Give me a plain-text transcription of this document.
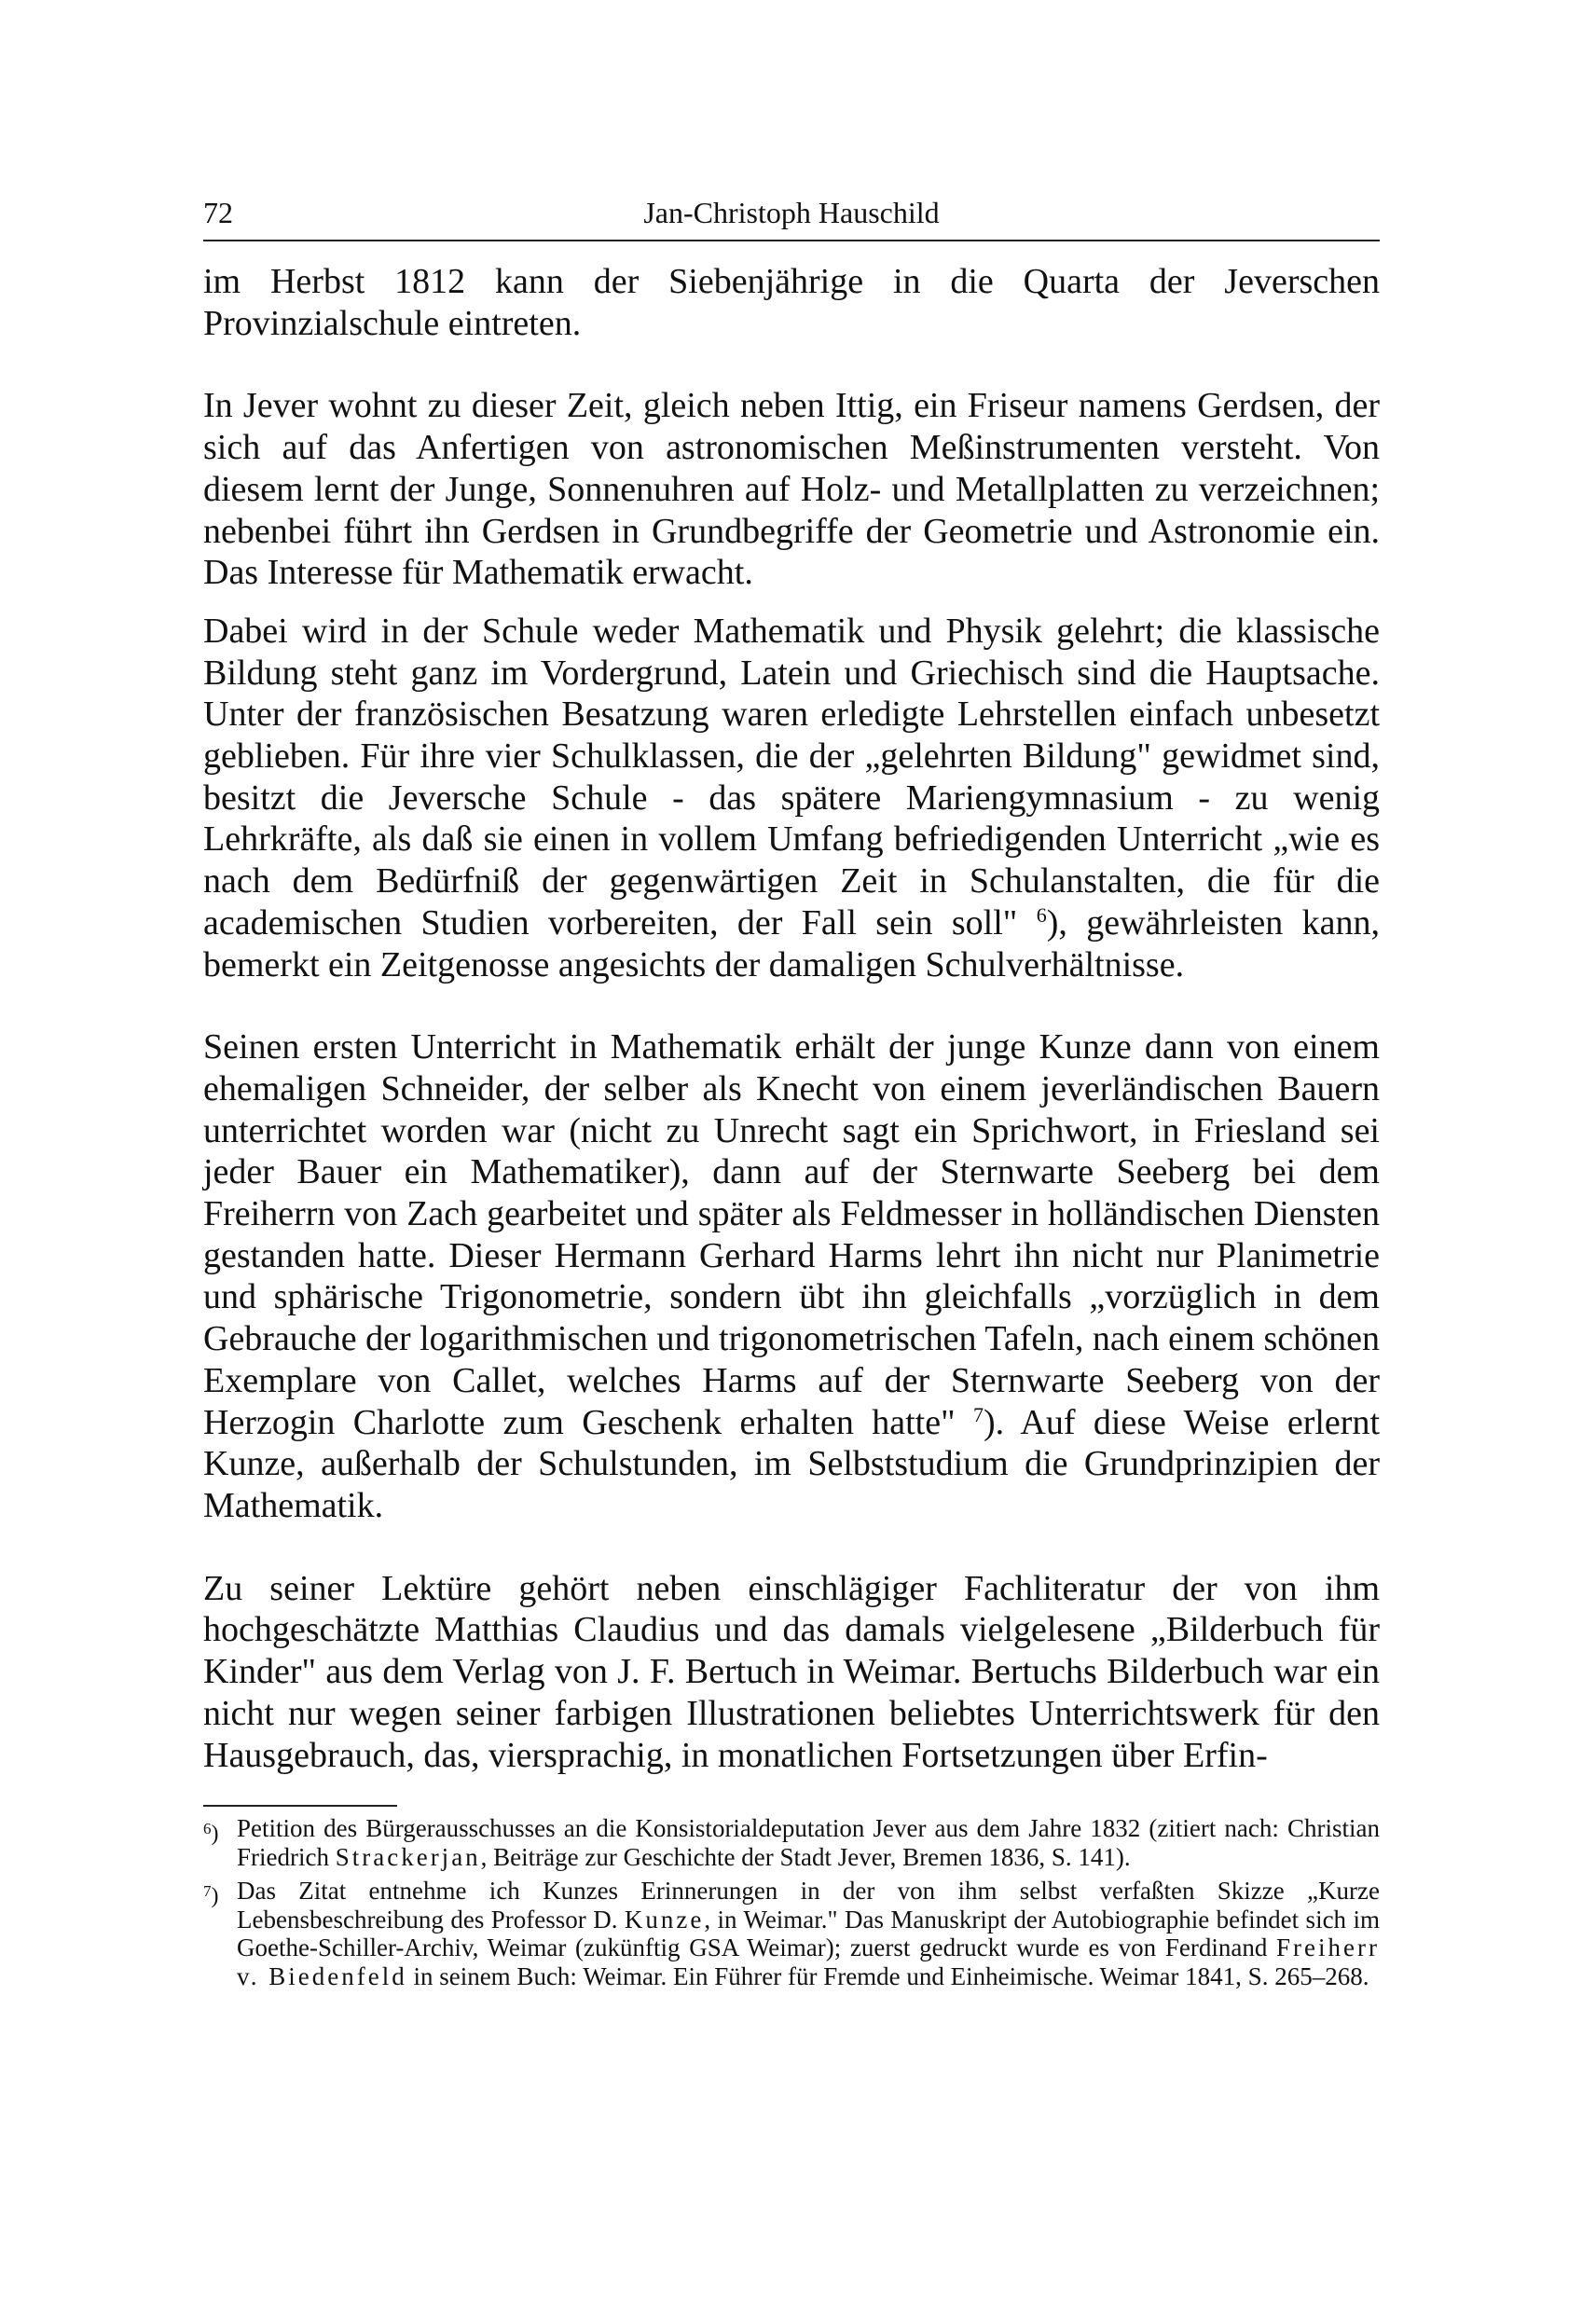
72	Jan-Christoph Hauschild

im Herbst 1812 kann der Siebenjährige in die Quarta der Jeverschen Provinzialschule eintreten.

In Jever wohnt zu dieser Zeit, gleich neben Ittig, ein Friseur namens Gerdsen, der sich auf das Anfertigen von astronomischen Meßinstrumenten versteht. Von diesem lernt der Junge, Sonnenuhren auf Holz- und Metallplatten zu verzeichnen; nebenbei führt ihn Gerdsen in Grundbegriffe der Geometrie und Astronomie ein. Das Interesse für Mathematik erwacht.

Dabei wird in der Schule weder Mathematik und Physik gelehrt; die klassische Bildung steht ganz im Vordergrund, Latein und Griechisch sind die Hauptsache. Unter der französischen Besatzung waren erledigte Lehrstellen einfach unbesetzt geblieben. Für ihre vier Schulklassen, die der „gelehrten Bildung" gewidmet sind, besitzt die Jeversche Schule - das spätere Mariengymnasium - zu wenig Lehrkräfte, als daß sie einen in vollem Umfang befriedigenden Unterricht „wie es nach dem Bedürfniß der gegenwärtigen Zeit in Schulanstalten, die für die academischen Studien vorbereiten, der Fall sein soll" $^6$), gewährleisten kann, bemerkt ein Zeitgenosse angesichts der damaligen Schulverhältnisse.

Seinen ersten Unterricht in Mathematik erhält der junge Kunze dann von einem ehemaligen Schneider, der selber als Knecht von einem jeverländischen Bauern unterrichtet worden war (nicht zu Unrecht sagt ein Sprichwort, in Friesland sei jeder Bauer ein Mathematiker), dann auf der Sternwarte Seeberg bei dem Freiherrn von Zach gearbeitet und später als Feldmesser in holländischen Diensten gestanden hatte. Dieser Hermann Gerhard Harms lehrt ihn nicht nur Planimetrie und sphärische Trigonometrie, sondern übt ihn gleichfalls „vorzüglich in dem Gebrauche der logarithmischen und trigonometrischen Tafeln, nach einem schönen Exemplare von Callet, welches Harms auf der Sternwarte Seeberg von der Herzogin Charlotte zum Geschenk erhalten hatte" $^7$). Auf diese Weise erlernt Kunze, außerhalb der Schulstunden, im Selbststudium die Grundprinzipien der Mathematik.

Zu seiner Lektüre gehört neben einschlägiger Fachliteratur der von ihm hochgeschätzte Matthias Claudius und das damals vielgelesene „Bilderbuch für Kinder" aus dem Verlag von J. F. Bertuch in Weimar. Bertuchs Bilderbuch war ein nicht nur wegen seiner farbigen Illustrationen beliebtes Unterrichtswerk für den Hausgebrauch, das, viersprachig, in monatlichen Fortsetzungen über Erfin-

$^6$) Petition des Bürgerausschusses an die Konsistorialdeputation Jever aus dem Jahre 1832 (zitiert nach: Christian Friedrich Strackerjan, Beiträge zur Geschichte der Stadt Jever, Bremen 1836, S. 141).

$^7$) Das Zitat entnehme ich Kunzes Erinnerungen in der von ihm selbst verfaßten Skizze „Kurze Lebensbeschreibung des Professor D. Kunze, in Weimar." Das Manuskript der Autobiographie befindet sich im Goethe-Schiller-Archiv, Weimar (zukünftig GSA Weimar); zuerst gedruckt wurde es von Ferdinand Freiherr v. Biedenfeld in seinem Buch: Weimar. Ein Führer für Fremde und Einheimische. Weimar 1841, S. 265–268.
